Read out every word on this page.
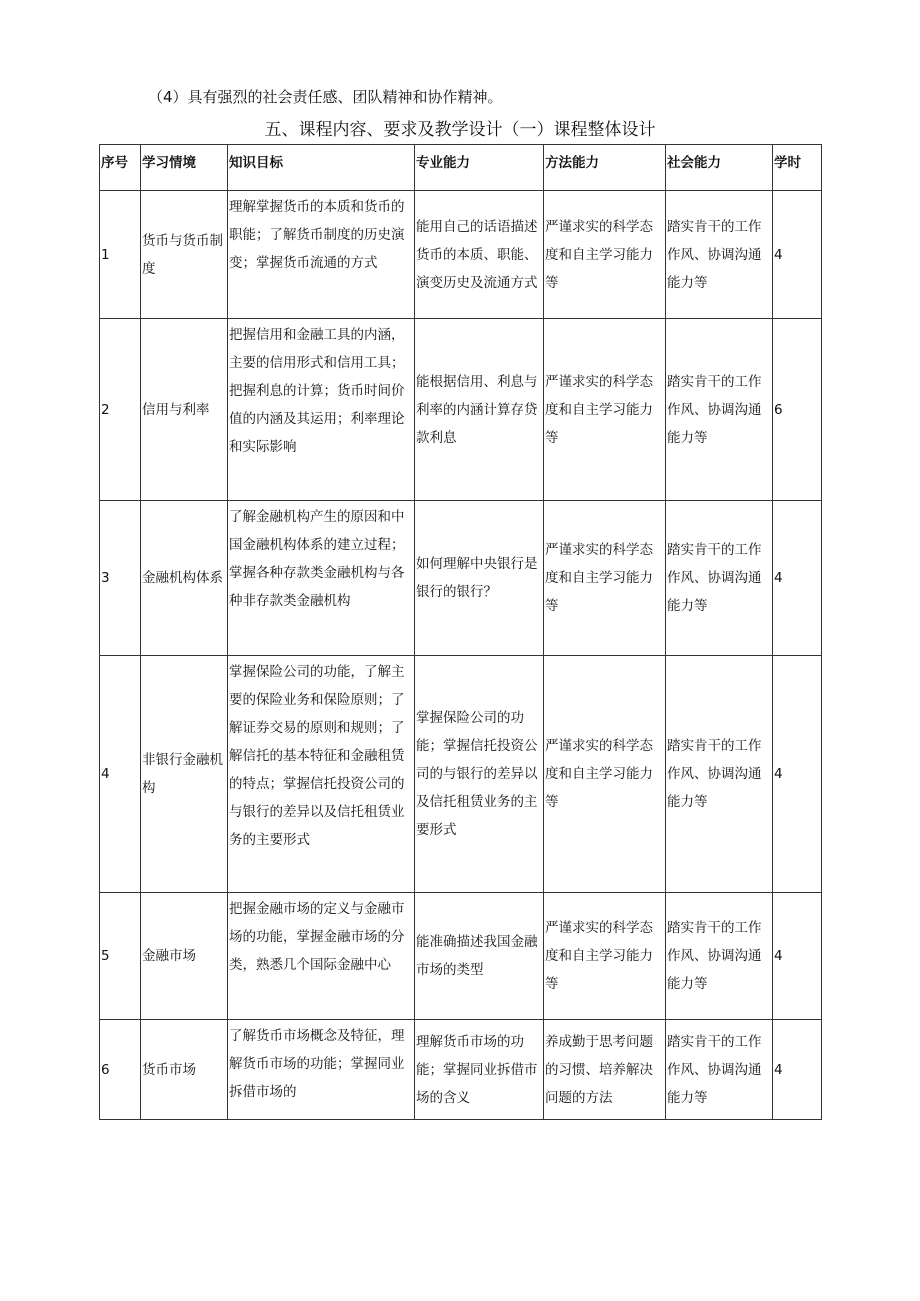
（4）具有强烈的社会责任感、团队精神和协作精神。
五、课程内容、要求及教学设计（一）课程整体设计
序号	学习情境	知识目标	专业能力	方法能力	社会能力	学时
1	货币与货币制度	理解掌握货币的本质和货币的职能；了解货币制度的历史演变；掌握货币流通的方式	能用自己的话语描述货币的本质、职能、演变历史及流通方式	严谨求实的科学态度和自主学习能力等	踏实肯干的工作作风、协调沟通能力等	4
2	信用与利率	把握信用和金融工具的内涵，主要的信用形式和信用工具；把握利息的计算；货币时间价值的内涵及其运用；利率理论和实际影响	能根据信用、利息与利率的内涵计算存贷款利息	严谨求实的科学态度和自主学习能力等	踏实肯干的工作作风、协调沟通能力等	6
3	金融机构体系	了解金融机构产生的原因和中国金融机构体系的建立过程；掌握各种存款类金融机构与各种非存款类金融机构	如何理解中央银行是银行的银行？	严谨求实的科学态度和自主学习能力等	踏实肯干的工作作风、协调沟通能力等	4
4	非银行金融机构	掌握保险公司的功能，了解主要的保险业务和保险原则；了解证券交易的原则和规则；了解信托的基本特征和金融租赁的特点；掌握信托投资公司的与银行的差异以及信托租赁业务的主要形式	掌握保险公司的功能；掌握信托投资公司的与银行的差异以及信托租赁业务的主要形式	严谨求实的科学态度和自主学习能力等	踏实肯干的工作作风、协调沟通能力等	4
5	金融市场	把握金融市场的定义与金融市场的功能，掌握金融市场的分类，熟悉几个国际金融中心	能准确描述我国金融市场的类型	严谨求实的科学态度和自主学习能力等	踏实肯干的工作作风、协调沟通能力等	4
6	货币市场	了解货币市场概念及特征，理解货币市场的功能；掌握同业拆借市场的	理解货币市场的功能；掌握同业拆借市场的含义	养成勤于思考问题的习惯、培养解决问题的方法	踏实肯干的工作作风、协调沟通能力等	4
